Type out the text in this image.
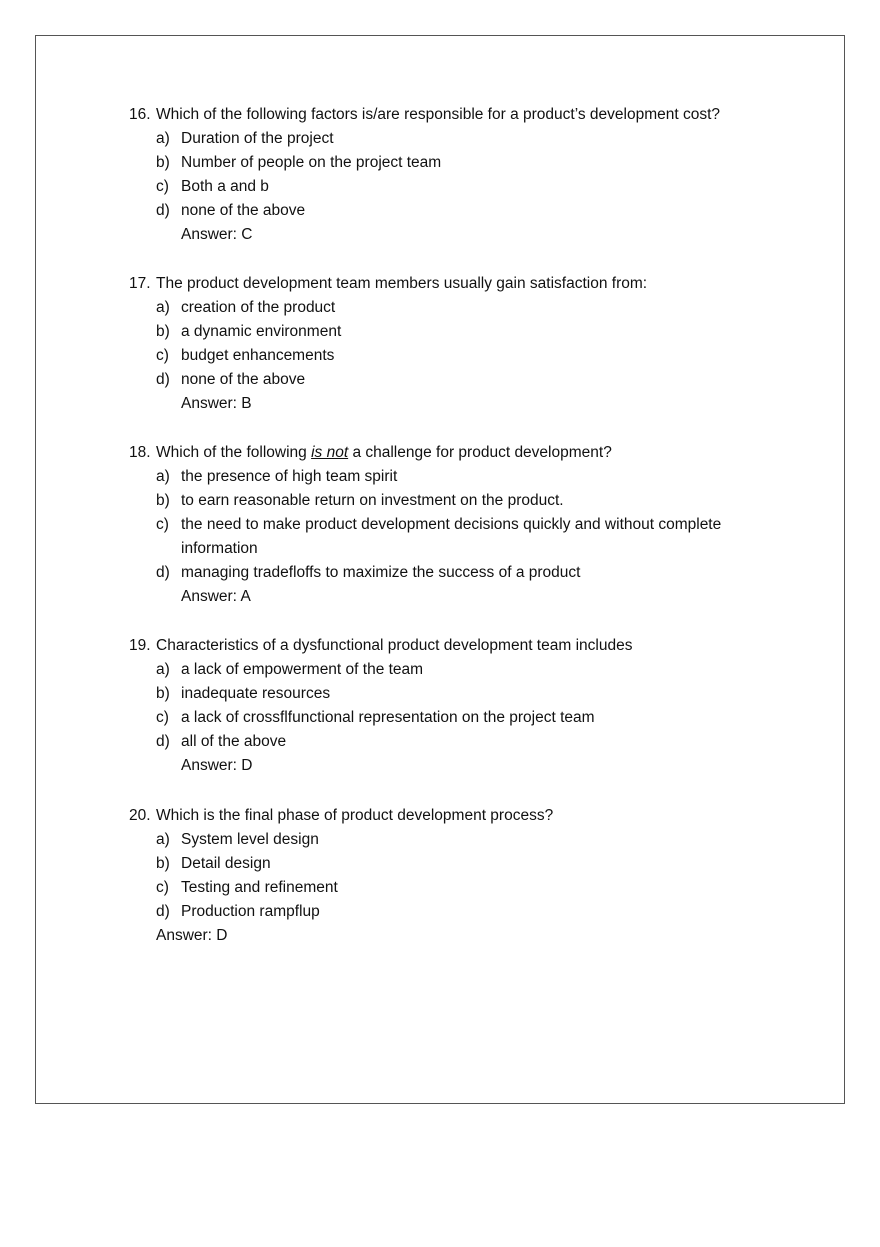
16. Which of the following factors is/are responsible for a product’s development cost?
a) Duration of the project
b) Number of people on the project team
c) Both a and b
d) none of the above
Answer: C
17. The product development team members usually gain satisfaction from:
a) creation of the product
b) a dynamic environment
c) budget enhancements
d) none of the above
Answer: B
18. Which of the following is not a challenge for product development?
a) the presence of high team spirit
b) to earn reasonable return on investment on the product.
c) the need to make product development decisions quickly and without complete information
d) managing tradeﬂoffs to maximize the success of a product
Answer: A
19. Characteristics of a dysfunctional product development team includes
a) a lack of empowerment of the team
b) inadequate resources
c) a lack of crossﬂfunctional representation on the project team
d) all of the above
Answer: D
20. Which is the final phase of product development process?
a) System level design
b) Detail design
c) Testing and refinement
d) Production rampﬂup
Answer: D
